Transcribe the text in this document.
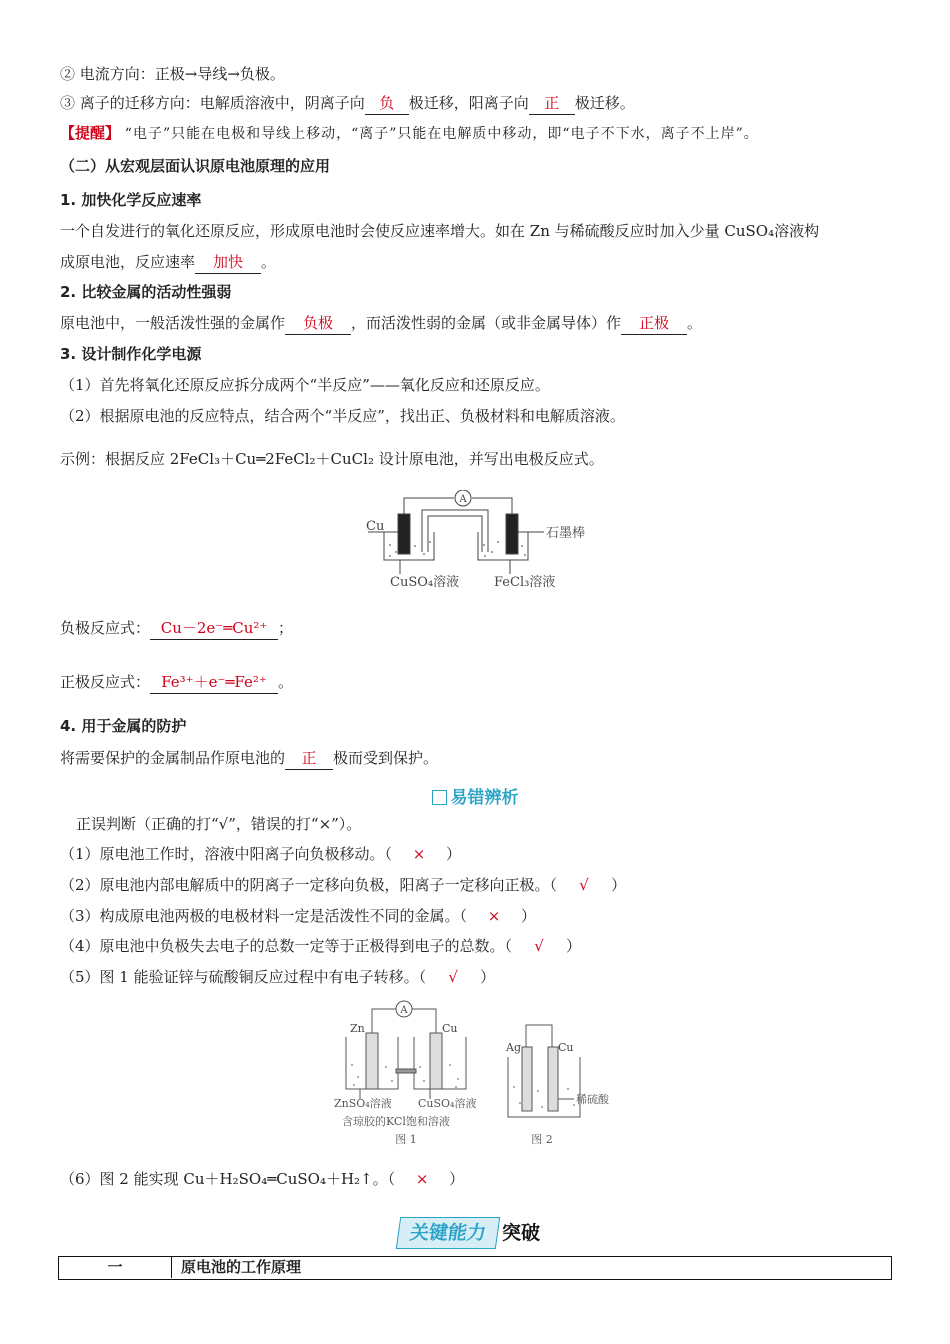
② 电流方向：正极→导线→负极。
③ 离子的迁移方向：电解质溶液中，阴离子向 负 极迁移，阳离子向 正 极迁移。
【提醒】 “电子”只能在电极和导线上移动，“离子”只能在电解质中移动，即“电子不下水，离子不上岸”。
（二）从宏观层面认识原电池原理的应用
1. 加快化学反应速率
一个自发进行的氧化还原反应，形成原电池时会使反应速率增大。如在 Zn 与稀硫酸反应时加入少量 CuSO₄溶液构
成原电池，反应速率 加快 。
2. 比较金属的活动性强弱
原电池中，一般活泼性强的金属作 负极 ，而活泼性弱的金属（或非金属导体）作 正极 。
3. 设计制作化学电源
（1）首先将氧化还原反应拆分成两个“半反应”——氧化反应和还原反应。
（2）根据原电池的反应特点，结合两个“半反应”，找出正、负极材料和电解质溶液。
示例：根据反应 2FeCl₃＋Cu═2FeCl₂＋CuCl₂ 设计原电池，并写出电极反应式。
A
Cu	石墨棒
CuSO₄溶液	FeCl₃溶液
负极反应式： Cu－2e⁻═Cu²⁺ ；
正极反应式： Fe³⁺＋e⁻═Fe²⁺ 。
4. 用于金属的防护
将需要保护的金属制品作原电池的 正 极而受到保护。
易错辨析
正误判断（正确的打“√”，错误的打“×”）。
（1）原电池工作时，溶液中阳离子向负极移动。（ × ）
（2）原电池内部电解质中的阴离子一定移向负极，阳离子一定移向正极。（ √ ）
（3）构成原电池两极的电极材料一定是活泼性不同的金属。（ × ）
（4）原电池中负极失去电子的总数一定等于正极得到电子的总数。（ √ ）
（5）图 1 能验证锌与硫酸铜反应过程中有电子转移。（ √ ）
A
Zn	Cu
ZnSO₄溶液 CuSO₄溶液
含琼胶的KCl饱和溶液
图 1
Ag	Cu
稀硫酸
图 2
（6）图 2 能实现 Cu＋H₂SO₄═CuSO₄＋H₂↑。（ × ）
关键能力 突破
一	原电池的工作原理
